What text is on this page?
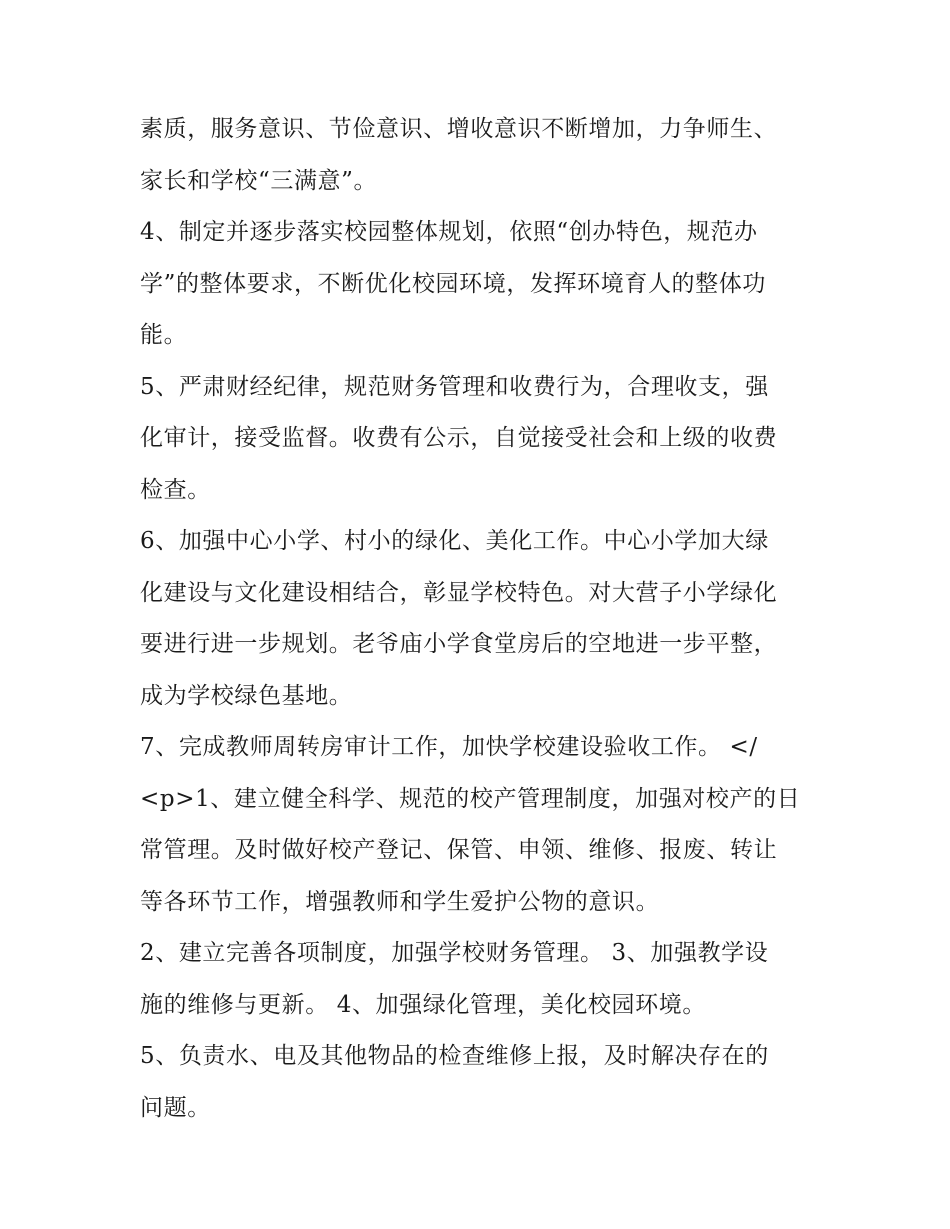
素质，服务意识、节俭意识、增收意识不断增加，力争师生、
家长和学校“三满意”。
4、制定并逐步落实校园整体规划，依照“创办特色，规范办
学”的整体要求，不断优化校园环境，发挥环境育人的整体功
能。
5、严肃财经纪律，规范财务管理和收费行为，合理收支，强
化审计，接受监督。收费有公示，自觉接受社会和上级的收费
检查。
6、加强中心小学、村小的绿化、美化工作。中心小学加大绿
化建设与文化建设相结合，彰显学校特色。对大营子小学绿化
要进行进一步规划。老爷庙小学食堂房后的空地进一步平整，
成为学校绿色基地。
7、完成教师周转房审计工作，加快学校建设验收工作。 </
<p>1、建立健全科学、规范的校产管理制度，加强对校产的日
常管理。及时做好校产登记、保管、申领、维修、报废、转让
等各环节工作，增强教师和学生爱护公物的意识。
2、建立完善各项制度，加强学校财务管理。 3、加强教学设
施的维修与更新。 4、加强绿化管理，美化校园环境。
5、负责水、电及其他物品的检查维修上报，及时解决存在的
问题。
